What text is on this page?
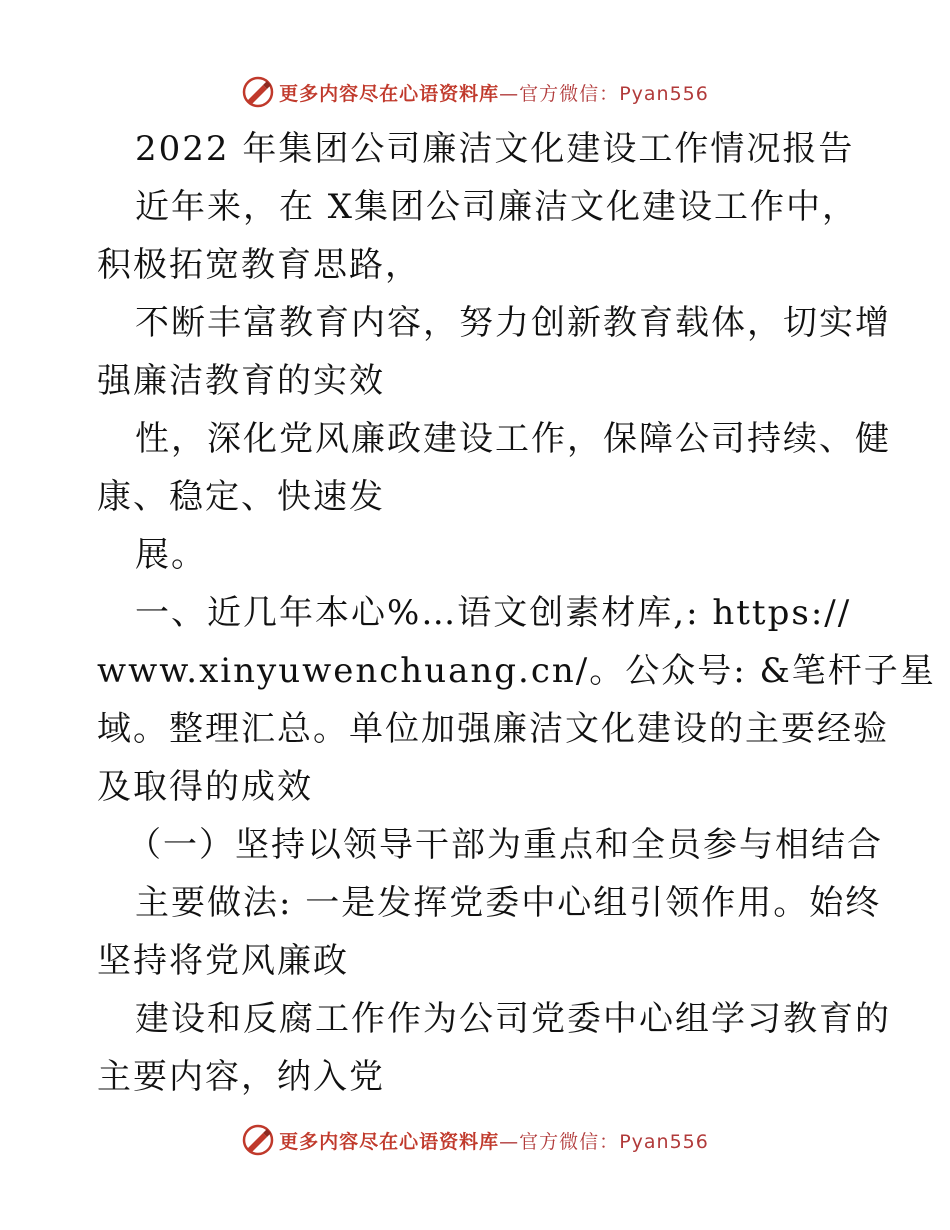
更多内容尽在心语资料库—官方微信：Pyan556
2022 年集团公司廉洁文化建设工作情况报告
近年来，在 X集团公司廉洁文化建设工作中，
积极拓宽教育思路，
不断丰富教育内容，努力创新教育载体，切实增
强廉洁教育的实效
性，深化党风廉政建设工作，保障公司持续、健
康、稳定、快速发
展。
一、近几年本心%…语文创素材库,: https://
www.xinyuwenchuang.cn/。公众号: &笔杆子星
域。整理汇总。单位加强廉洁文化建设的主要经验
及取得的成效
（一）坚持以领导干部为重点和全员参与相结合
主要做法: 一是发挥党委中心组引领作用。始终
坚持将党风廉政
建设和反腐工作作为公司党委中心组学习教育的
主要内容，纳入党
更多内容尽在心语资料库—官方微信：Pyan556
